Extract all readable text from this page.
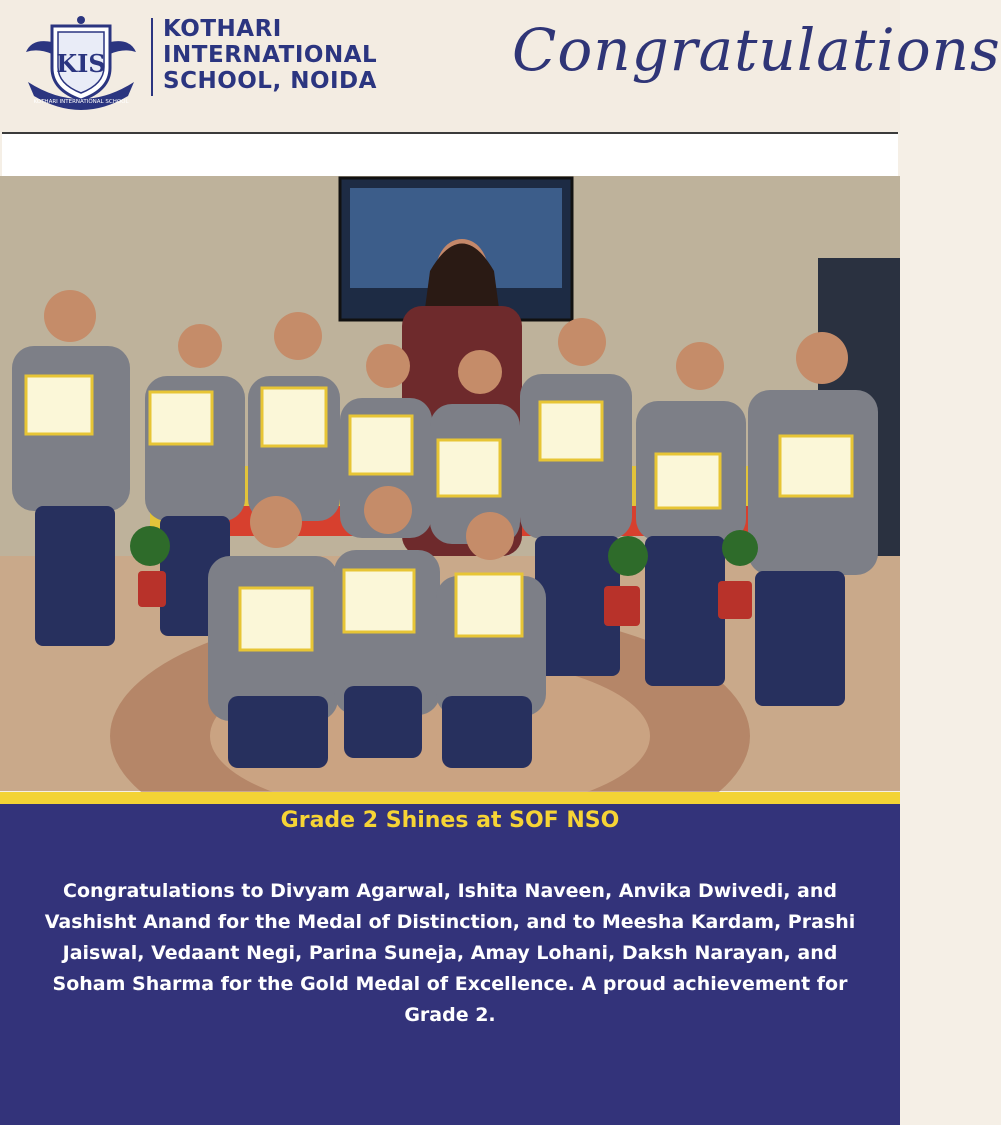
KIS
KOTHARI INTERNATIONAL SCHOOL
KOTHARI
INTERNATIONAL
SCHOOL, NOIDA Congratulations
Grade 2 Shines at SOF NSO
Congratulations to Divyam Agarwal, Ishita Naveen, Anvika Dwivedi, and Vashisht Anand for the Medal of Distinction, and to Meesha Kardam, Prashi Jaiswal, Vedaant Negi, Parina Suneja, Amay Lohani, Daksh Narayan, and Soham Sharma for the Gold Medal of Excellence. A proud achievement for Grade 2.
